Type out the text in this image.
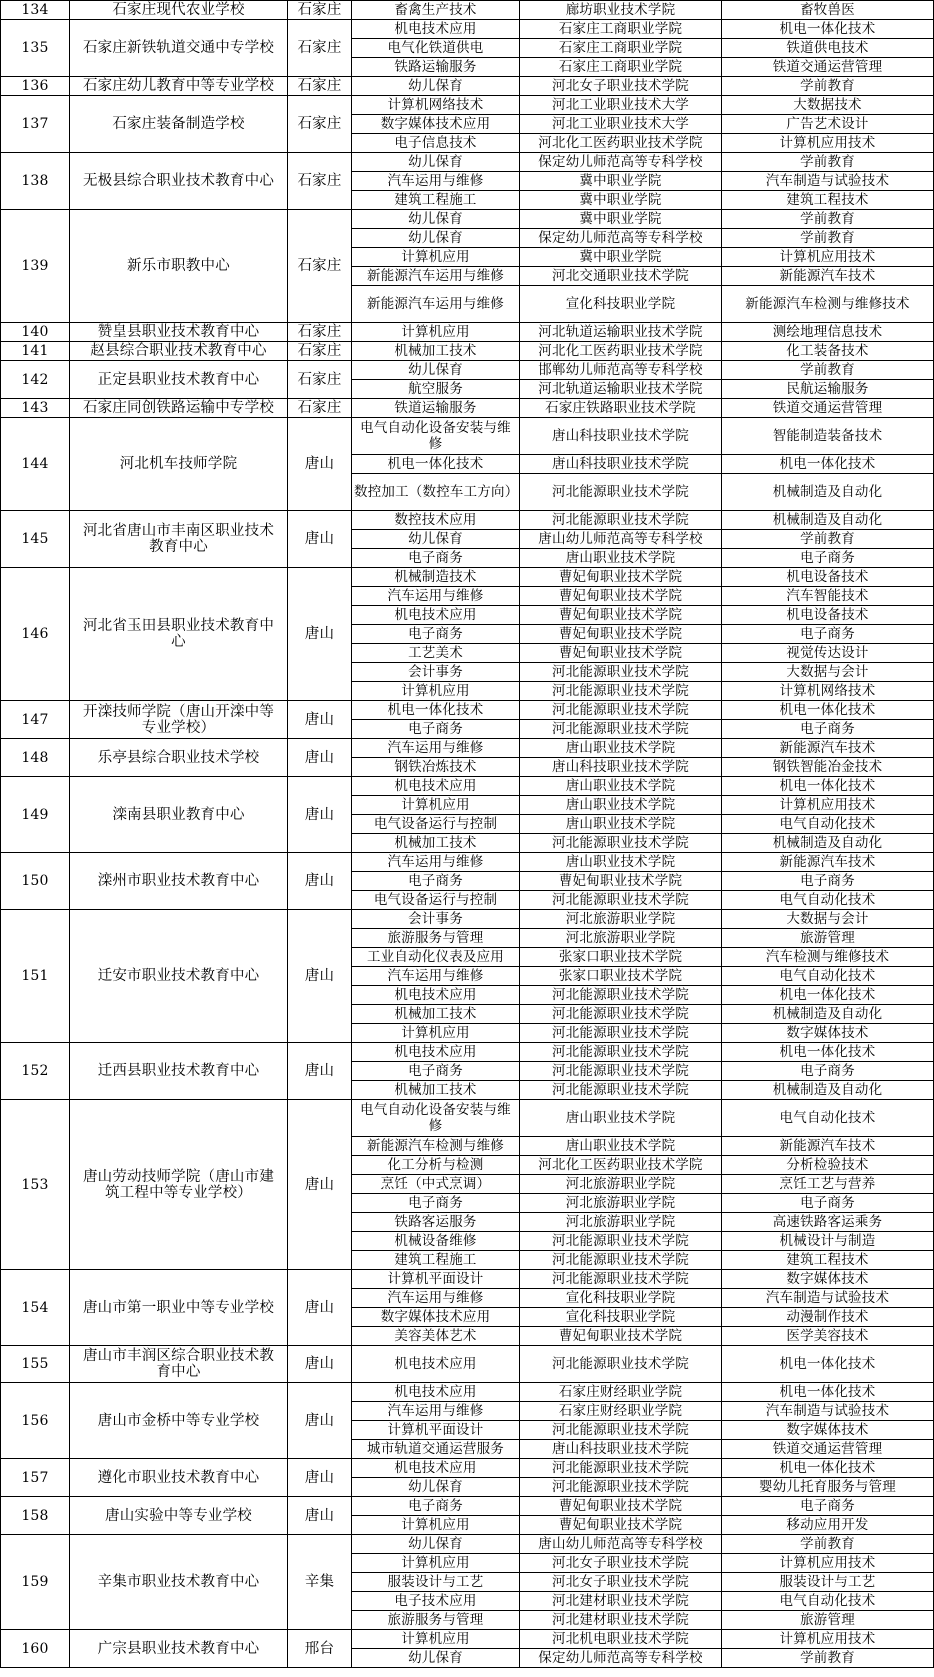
134	石家庄现代农业学校	石家庄	畜禽生产技术	廊坊职业技术学院	畜牧兽医
135	石家庄新铁轨道交通中专学校	石家庄	机电技术应用	石家庄工商职业学院	机电一体化技术
			电气化铁道供电	石家庄工商职业学院	铁道供电技术
			铁路运输服务	石家庄工商职业学院	铁道交通运营管理
136	石家庄幼儿教育中等专业学校	石家庄	幼儿保育	河北女子职业技术学院	学前教育
137	石家庄装备制造学校	石家庄	计算机网络技术	河北工业职业技术大学	大数据技术
			数字媒体技术应用	河北工业职业技术大学	广告艺术设计
			电子信息技术	河北化工医药职业技术学院	计算机应用技术
138	无极县综合职业技术教育中心	石家庄	幼儿保育	保定幼儿师范高等专科学校	学前教育
			汽车运用与维修	冀中职业学院	汽车制造与试验技术
			建筑工程施工	冀中职业学院	建筑工程技术
139	新乐市职教中心	石家庄	幼儿保育	冀中职业学院	学前教育
			幼儿保育	保定幼儿师范高等专科学校	学前教育
			计算机应用	冀中职业学院	计算机应用技术
			新能源汽车运用与维修	河北交通职业技术学院	新能源汽车技术
			新能源汽车运用与维修	宣化科技职业学院	新能源汽车检测与维修技术
140	赞皇县职业技术教育中心	石家庄	计算机应用	河北轨道运输职业技术学院	测绘地理信息技术
141	赵县综合职业技术教育中心	石家庄	机械加工技术	河北化工医药职业技术学院	化工装备技术
142	正定县职业技术教育中心	石家庄	幼儿保育	邯郸幼儿师范高等专科学校	学前教育
			航空服务	河北轨道运输职业技术学院	民航运输服务
143	石家庄同创铁路运输中专学校	石家庄	铁道运输服务	石家庄铁路职业技术学院	铁道交通运营管理
144	河北机车技师学院	唐山	电气自动化设备安装与维修	唐山科技职业技术学院	智能制造装备技术
			机电一体化技术	唐山科技职业技术学院	机电一体化技术
			数控加工（数控车工方向）	河北能源职业技术学院	机械制造及自动化
145	河北省唐山市丰南区职业技术教育中心	唐山	数控技术应用	河北能源职业技术学院	机械制造及自动化
			幼儿保育	唐山幼儿师范高等专科学校	学前教育
			电子商务	唐山职业技术学院	电子商务
146	河北省玉田县职业技术教育中心	唐山	机械制造技术	曹妃甸职业技术学院	机电设备技术
			汽车运用与维修	曹妃甸职业技术学院	汽车智能技术
			机电技术应用	曹妃甸职业技术学院	机电设备技术
			电子商务	曹妃甸职业技术学院	电子商务
			工艺美术	曹妃甸职业技术学院	视觉传达设计
			会计事务	河北能源职业技术学院	大数据与会计
			计算机应用	河北能源职业技术学院	计算机网络技术
147	开滦技师学院（唐山开滦中等专业学校）	唐山	机电一体化技术	河北能源职业技术学院	机电一体化技术
			电子商务	河北能源职业技术学院	电子商务
148	乐亭县综合职业技术学校	唐山	汽车运用与维修	唐山职业技术学院	新能源汽车技术
			钢铁冶炼技术	唐山科技职业技术学院	钢铁智能冶金技术
149	滦南县职业教育中心	唐山	机电技术应用	唐山职业技术学院	机电一体化技术
			计算机应用	唐山职业技术学院	计算机应用技术
			电气设备运行与控制	唐山职业技术学院	电气自动化技术
			机械加工技术	河北能源职业技术学院	机械制造及自动化
150	滦州市职业技术教育中心	唐山	汽车运用与维修	唐山职业技术学院	新能源汽车技术
			电子商务	曹妃甸职业技术学院	电子商务
			电气设备运行与控制	河北能源职业技术学院	电气自动化技术
151	迁安市职业技术教育中心	唐山	会计事务	河北旅游职业学院	大数据与会计
			旅游服务与管理	河北旅游职业学院	旅游管理
			工业自动化仪表及应用	张家口职业技术学院	汽车检测与维修技术
			汽车运用与维修	张家口职业技术学院	电气自动化技术
			机电技术应用	河北能源职业技术学院	机电一体化技术
			机械加工技术	河北能源职业技术学院	机械制造及自动化
			计算机应用	河北能源职业技术学院	数字媒体技术
152	迁西县职业技术教育中心	唐山	机电技术应用	河北能源职业技术学院	机电一体化技术
			电子商务	河北能源职业技术学院	电子商务
			机械加工技术	河北能源职业技术学院	机械制造及自动化
153	唐山劳动技师学院（唐山市建筑工程中等专业学校）	唐山	电气自动化设备安装与维修	唐山职业技术学院	电气自动化技术
			新能源汽车检测与维修	唐山职业技术学院	新能源汽车技术
			化工分析与检测	河北化工医药职业技术学院	分析检验技术
			烹饪（中式烹调）	河北旅游职业学院	烹饪工艺与营养
			电子商务	河北旅游职业学院	电子商务
			铁路客运服务	河北旅游职业学院	高速铁路客运乘务
			机械设备维修	河北能源职业技术学院	机械设计与制造
			建筑工程施工	河北能源职业技术学院	建筑工程技术
154	唐山市第一职业中等专业学校	唐山	计算机平面设计	河北能源职业技术学院	数字媒体技术
			汽车运用与维修	宣化科技职业学院	汽车制造与试验技术
			数字媒体技术应用	宣化科技职业学院	动漫制作技术
			美容美体艺术	曹妃甸职业技术学院	医学美容技术
155	唐山市丰润区综合职业技术教育中心	唐山	机电技术应用	河北能源职业技术学院	机电一体化技术
156	唐山市金桥中等专业学校	唐山	机电技术应用	石家庄财经职业学院	机电一体化技术
			汽车运用与维修	石家庄财经职业学院	汽车制造与试验技术
			计算机平面设计	河北能源职业技术学院	数字媒体技术
			城市轨道交通运营服务	唐山科技职业技术学院	铁道交通运营管理
157	遵化市职业技术教育中心	唐山	机电技术应用	河北能源职业技术学院	机电一体化技术
			幼儿保育	河北能源职业技术学院	婴幼儿托育服务与管理
158	唐山实验中等专业学校	唐山	电子商务	曹妃甸职业技术学院	电子商务
			计算机应用	曹妃甸职业技术学院	移动应用开发
159	辛集市职业技术教育中心	辛集	幼儿保育	唐山幼儿师范高等专科学校	学前教育
			计算机应用	河北女子职业技术学院	计算机应用技术
			服装设计与工艺	河北女子职业技术学院	服装设计与工艺
			电子技术应用	河北建材职业技术学院	电气自动化技术
			旅游服务与管理	河北建材职业技术学院	旅游管理
160	广宗县职业技术教育中心	邢台	计算机应用	河北机电职业技术学院	计算机应用技术
			幼儿保育	保定幼儿师范高等专科学校	学前教育
